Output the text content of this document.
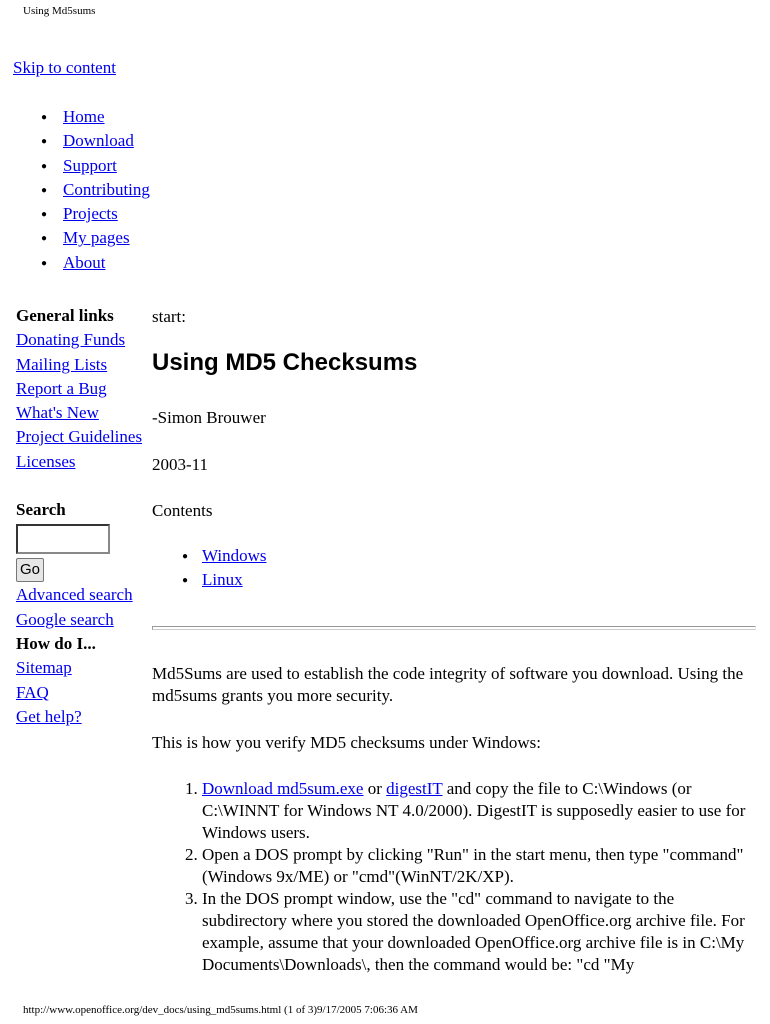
Using Md5sums
Skip to content
● Home
● Download
● Support
● Contributing
● Projects
● My pages
● About
General links
Donating Funds
Mailing Lists
Report a Bug
What's New
Project Guidelines
Licenses
Search
Go
Advanced search
Google search
How do I...
Sitemap
FAQ
Get help?

start:

Using MD5 Checksums

-Simon Brouwer

2003-11

Contents

● Windows
● Linux

Md5Sums are used to establish the code integrity of software you download. Using the md5sums grants you more security.

This is how you verify MD5 checksums under Windows:

1. Download md5sum.exe or digestIT and copy the file to C:\Windows (or C:\WINNT for Windows NT 4.0/2000). DigestIT is supposedly easier to use for Windows users.
2. Open a DOS prompt by clicking "Run" in the start menu, then type "command" (Windows 9x/ME) or "cmd"(WinNT/2K/XP).
3. In the DOS prompt window, use the "cd" command to navigate to the subdirectory where you stored the downloaded OpenOffice.org archive file. For example, assume that your downloaded OpenOffice.org archive file is in C:\My Documents\Downloads\, then the command would be: "cd "My
http://www.openoffice.org/dev_docs/using_md5sums.html (1 of 3)9/17/2005 7:06:36 AM
